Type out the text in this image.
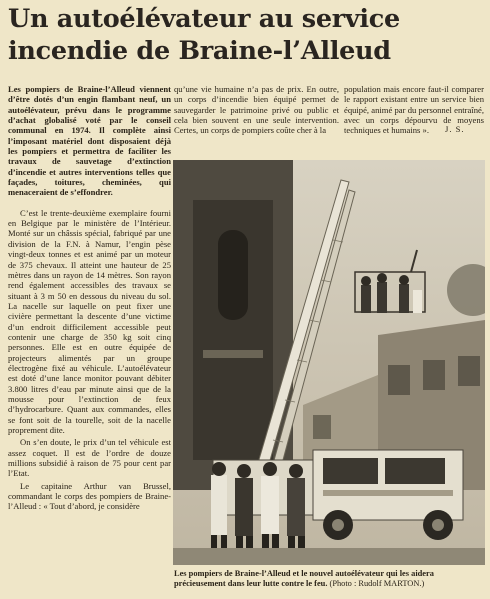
Un autoélévateur au service
incendie de Braine-l’Alleud

Les pompiers de Braine-l’Alleud viennent d’être dotés d’un engin flambant neuf, un autoélévateur, prévu dans le programme d’achat globalisé voté par le conseil communal en 1974. Il complète ainsi l’imposant matériel dont disposaient déjà les pompiers et permettra de faciliter les travaux de sauvetage d’extinction d’incendie et autres interventions telles que façades, toitures, cheminées, qui menaceraient de s’effondrer.

C’est le trente-deuxième exemplaire fourni en Belgique par le ministère de l’Intérieur. Monté sur un châssis spécial, fabriqué par une division de la F.N. à Namur, l’engin pèse vingt-deux tonnes et est animé par un moteur de 375 chevaux. Il atteint une hauteur de 25 mètres dans un rayon de 14 mètres. Son rayon rend également accessibles des travaux se situant à 3 m 50 en dessous du niveau du sol. La nacelle sur laquelle on peut fixer une civière permettant la descente d’une victime d’un endroit difficilement accessible peut contenir une charge de 350 kg soit cinq personnes. Elle est en outre équipée de projecteurs alimentés par un groupe électrogène fixé au véhicule. L’autoélévateur est doté d’une lance monitor pouvant débiter 3.800 litres d’eau par minute ainsi que de la mousse pour l’extinction de feux d’hydrocarbure. Quant aux commandes, elles se font soit de la tourelle, soit de la nacelle proprement dite.

On s’en doute, le prix d’un tel véhicule est assez coquet. Il est de l’ordre de douze millions subsidié à raison de 75 pour cent par l’Etat.

Le capitaine Arthur van Brussel, commandant le corps des pompiers de Braine-l’Alleud : « Tout d’abord, je considère

qu’une vie humaine n’a pas de prix. En outre, un corps d’incendie bien équipé permet de sauvegarder le patrimoine privé ou public et cela bien souvent en une seule intervention. Certes, un corps de pompiers coûte cher à la
population mais encore faut-il comparer le rapport existant entre un service bien équipé, animé par du personnel entraîné, avec un corps dépourvu de moyens techniques et humains ».	J. S.
Les pompiers de Braine-l’Alleud et le nouvel autoélévateur qui les aidera précieusement dans leur lutte contre le feu. (Photo : Rudolf MARTON.)
